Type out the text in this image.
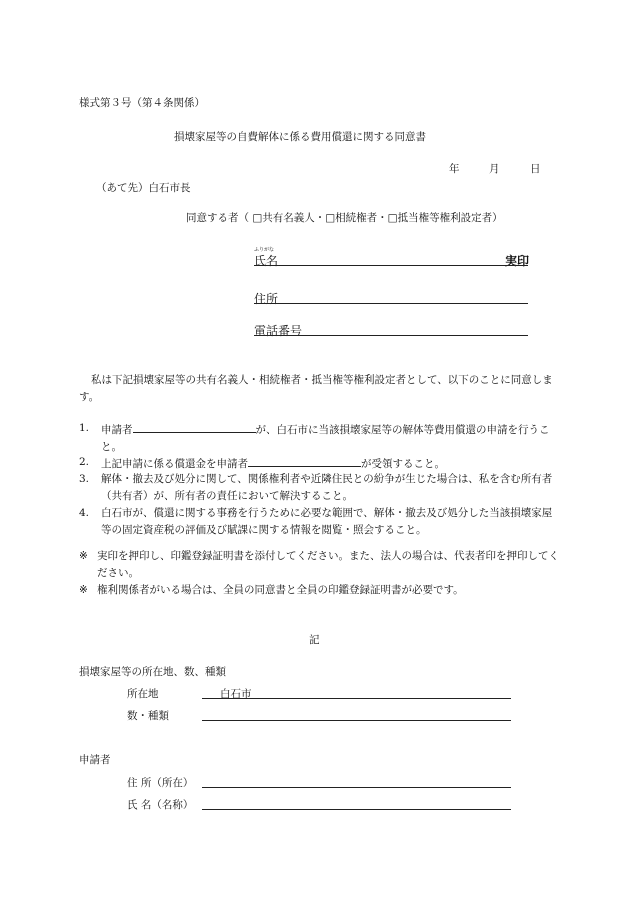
様式第３号（第４条関係）
損壊家屋等の自費解体に係る費用償還に関する同意書
年	月	日
（あて先）白石市長
同意する者（ □共有名義人・□相続権者・□抵当権等権利設定者）
ふりがな
氏名	実印
住所
電話番号
私は下記損壊家屋等の共有名義人・相続権者・抵当権等権利設定者として、以下のことに同意します。
1. 申請者	が、白石市に当該損壊家屋等の解体等費用償還の申請を行うこと。
2. 上記申請に係る償還金を申請者	が受領すること。
3. 解体・撤去及び処分に関して、関係権利者や近隣住民との紛争が生じた場合は、私を含む所有者（共有者）が、所有者の責任において解決すること。
4. 白石市が、償還に関する事務を行うために必要な範囲で、解体・撤去及び処分した当該損壊家屋等の固定資産税の評価及び賦課に関する情報を閲覧・照会すること。
※ 実印を押印し、印鑑登録証明書を添付してください。また、法人の場合は、代表者印を押印してください。
※ 権利関係者がいる場合は、全員の同意書と全員の印鑑登録証明書が必要です。
記
損壊家屋等の所在地、数、種類
所在地	白石市
数・種類
申請者
住 所（所在）
氏 名（名称）
